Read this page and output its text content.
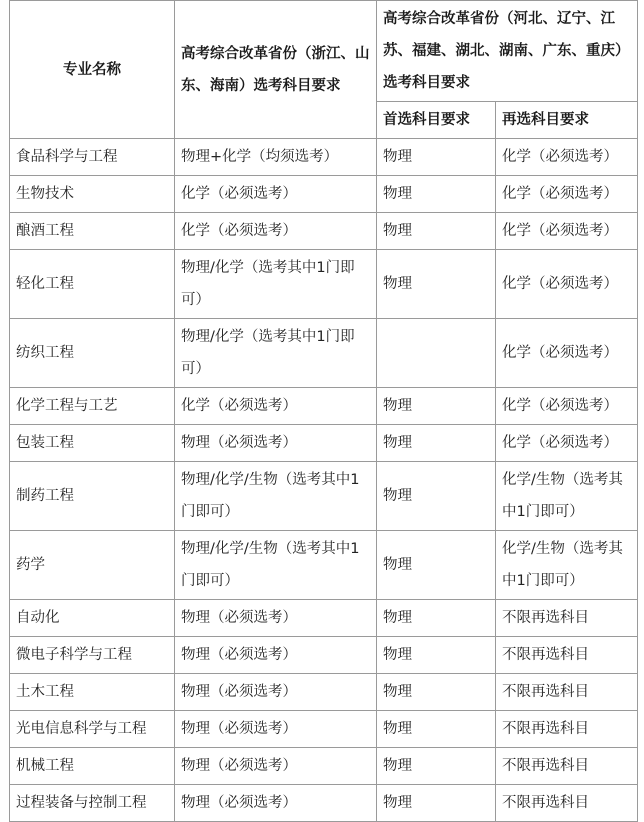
专业名称	高考综合改革省份（浙江、山东、海南）选考科目要求	高考综合改革省份（河北、辽宁、江苏、福建、湖北、湖南、广东、重庆）选考科目要求	
		首选科目要求	再选科目要求
食品科学与工程	物理+化学（均须选考）	物理	化学（必须选考）
生物技术	化学（必须选考）	物理	化学（必须选考）
酿酒工程	化学（必须选考）	物理	化学（必须选考）
轻化工程	物理/化学（选考其中1门即可）	物理	化学（必须选考）
纺织工程	物理/化学（选考其中1门即可）		化学（必须选考）
化学工程与工艺	化学（必须选考）	物理	化学（必须选考）
包装工程	物理（必须选考）	物理	化学（必须选考）
制药工程	物理/化学/生物（选考其中1门即可）	物理	化学/生物（选考其中1门即可）
药学	物理/化学/生物（选考其中1门即可）	物理	化学/生物（选考其中1门即可）
自动化	物理（必须选考）	物理	不限再选科目
微电子科学与工程	物理（必须选考）	物理	不限再选科目
土木工程	物理（必须选考）	物理	不限再选科目
光电信息科学与工程	物理（必须选考）	物理	不限再选科目
机械工程	物理（必须选考）	物理	不限再选科目
过程装备与控制工程	物理（必须选考）	物理	不限再选科目
